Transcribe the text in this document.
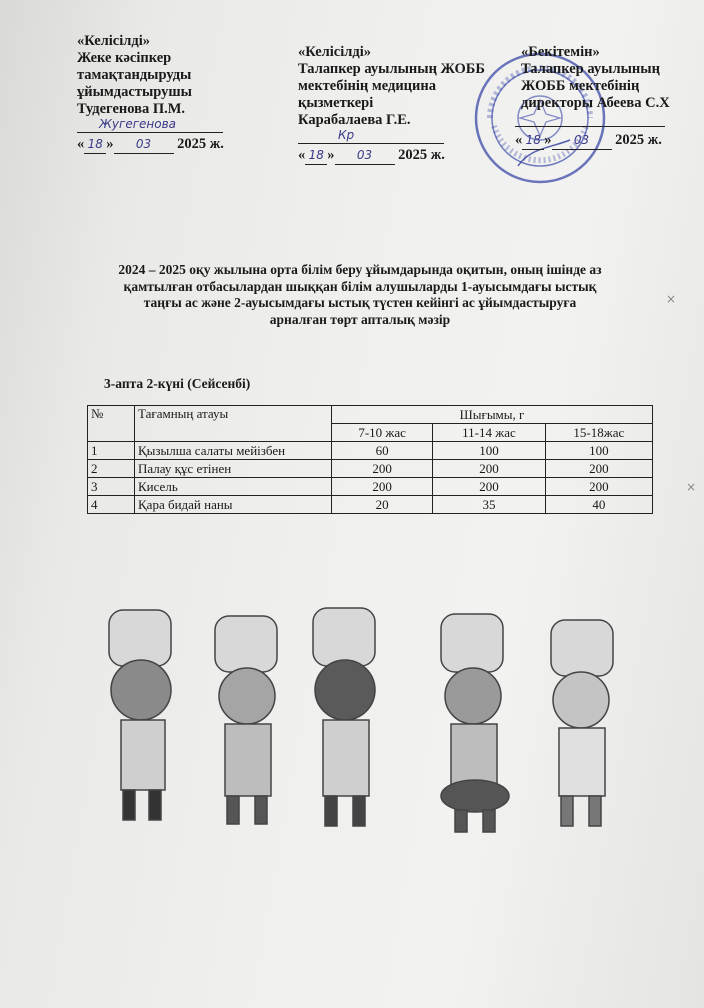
«Келісілді»
Жеке кәсіпкер
тамақтандыруды
ұйымдастырушы
Тудегенова П.М.
Жугегенова
« 18 » 03 2025 ж.
«Келісілді»
Талапкер ауылының ЖОББ
мектебінің медицина
қызметкері
Карабалаева Г.Е.
Кр
« 18 » 03 2025 ж.
«Бекітемін»
Талапкер ауылының
ЖОББ мектебінің
директоры Абеева С.Х
« 18 » 03 2025 ж.
2024 – 2025 оқу жылына орта білім беру ұйымдарында оқитын, оның ішінде аз
қамтылған отбасылардан шыққан білім алушыларды 1-ауысымдағы ыстық
таңғы ас және 2-ауысымдағы ыстық түстен кейінгі ас ұйымдастыруға
арналған төрт апталық мәзір
3-апта 2-күні (Сейсенбі)
№	Тағамның атауы	Шығымы, г		
		7-10 жас	11-14 жас	15-18жас
1	Қызылша салаты мейізбен	60	100	100
2	Палау құс етінен	200	200	200
3	Кисель	200	200	200
4	Қара бидай наны	20	35	40
×
×
